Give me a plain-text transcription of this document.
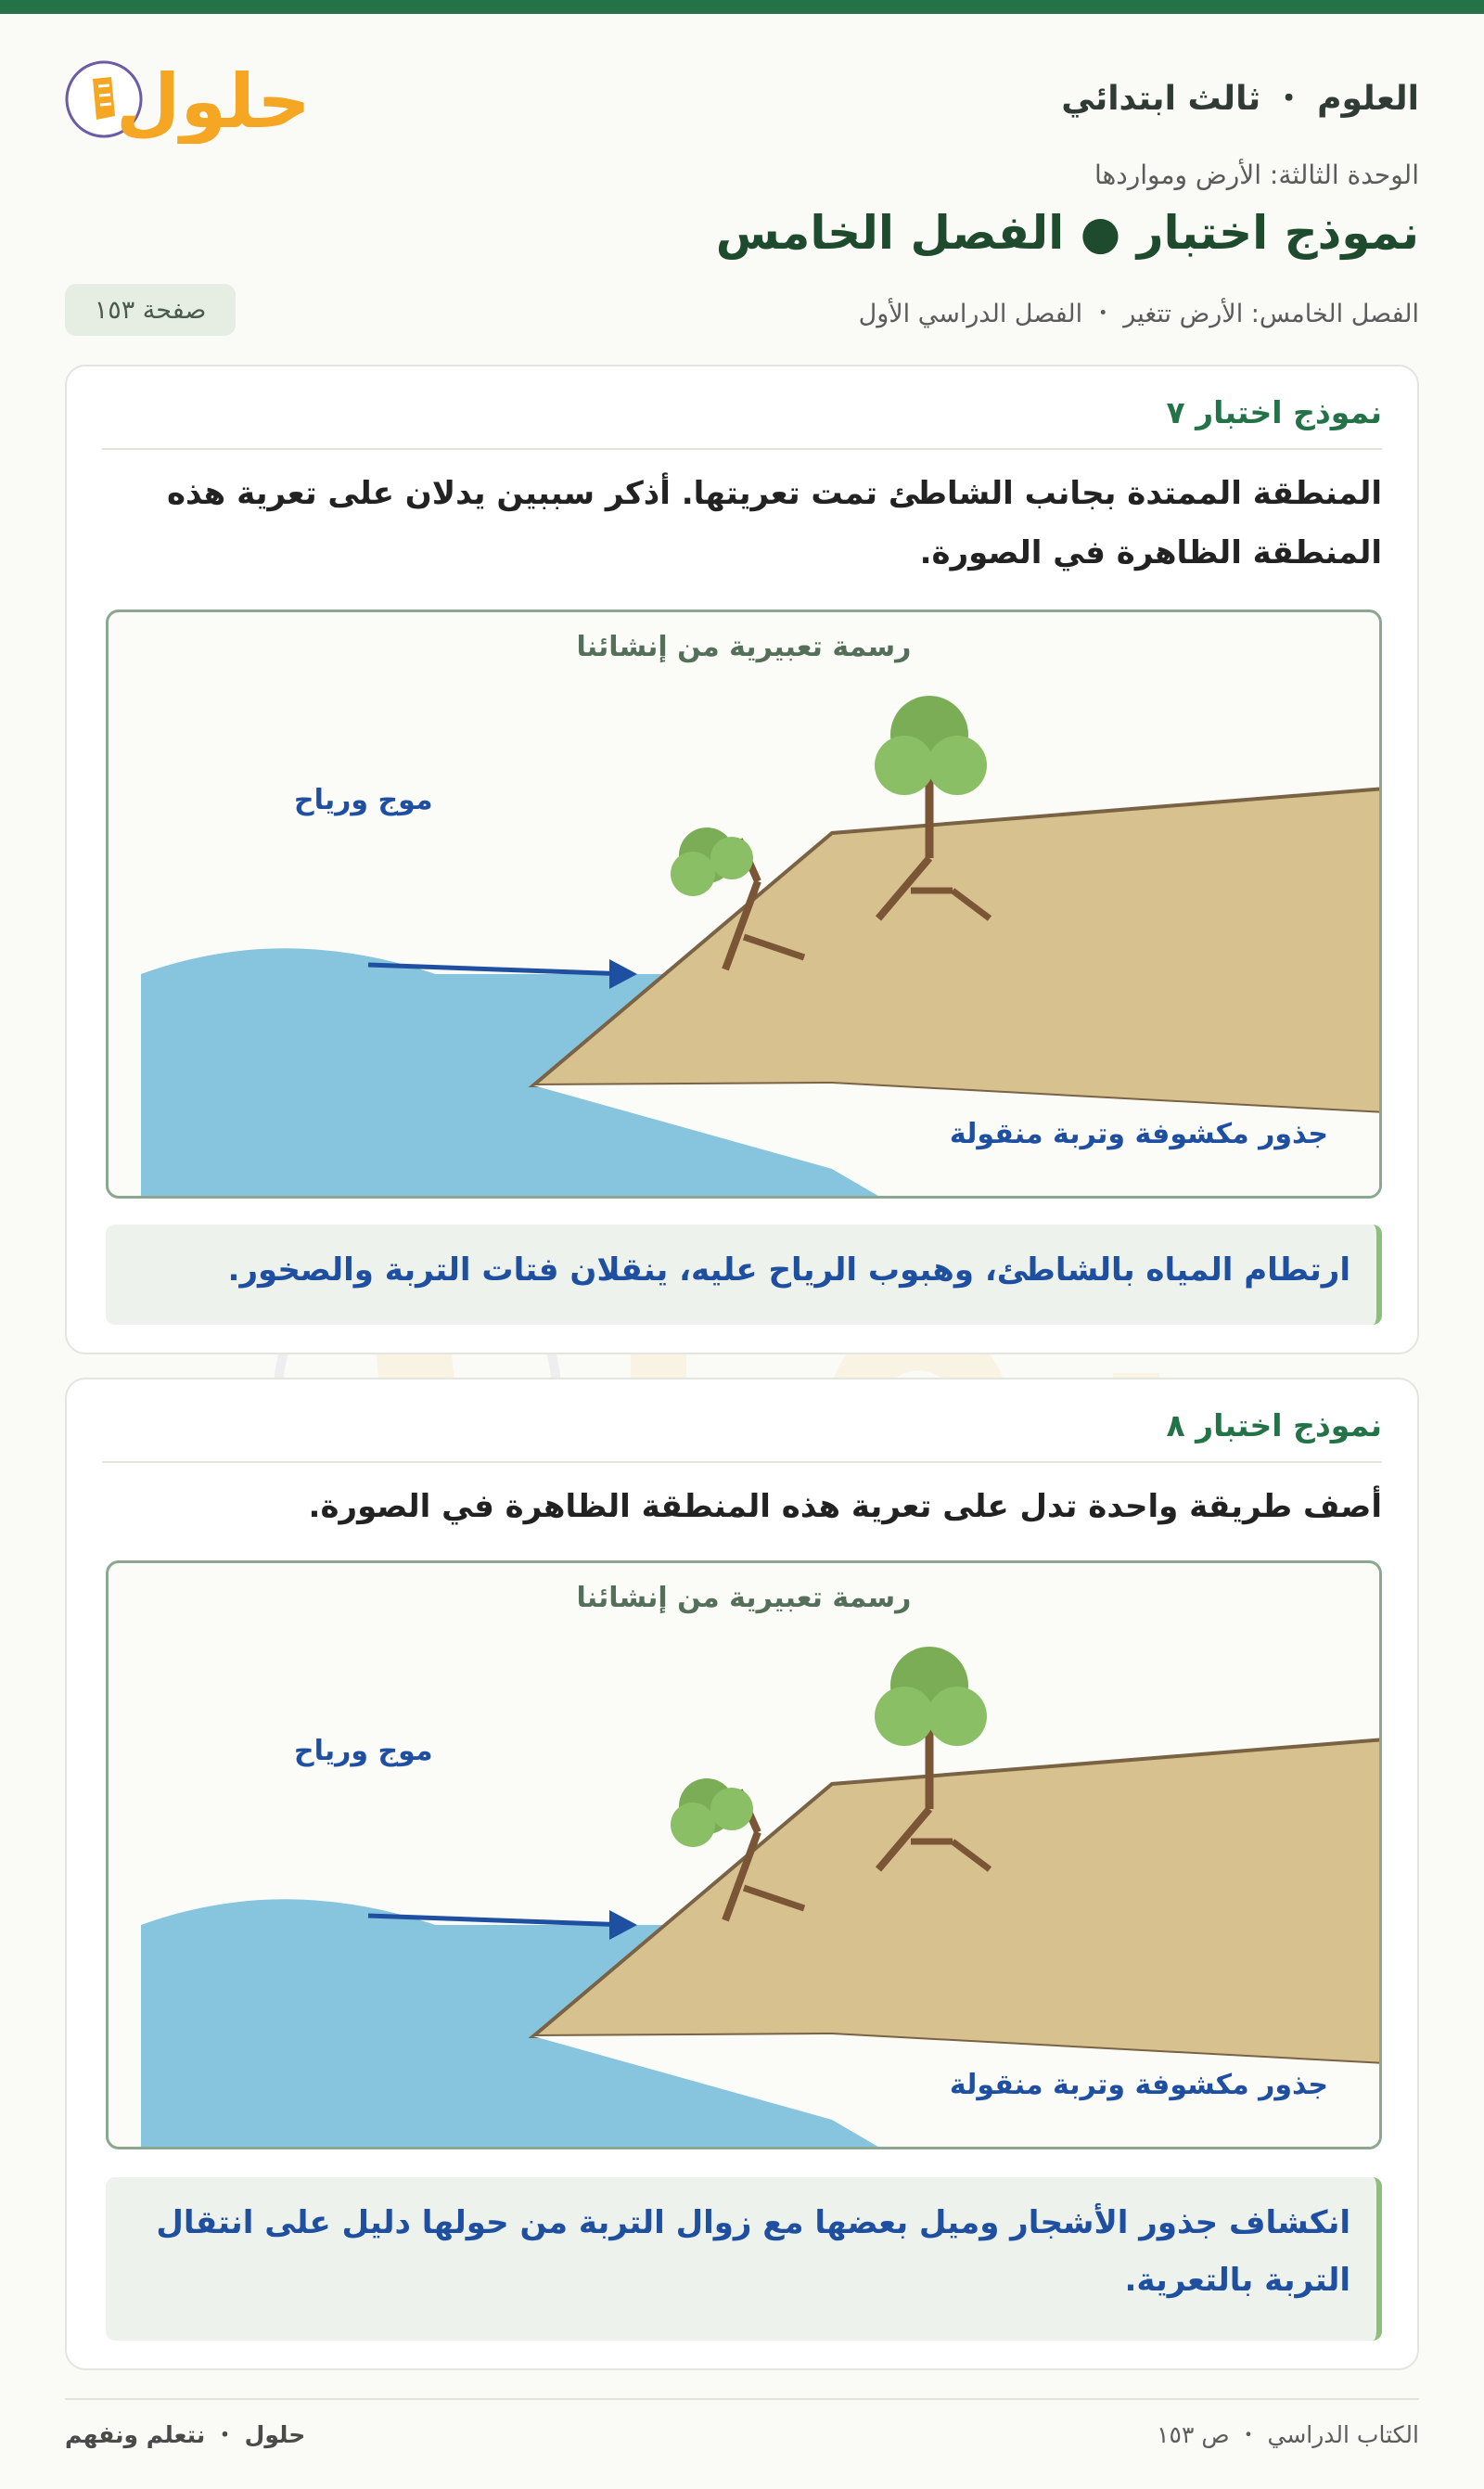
العلوم ・ ثالث ابتدائي
حلول
الوحدة الثالثة: الأرض ومواردها
نموذج اختبار ● الفصل الخامس
الفصل الخامس: الأرض تتغير ・ الفصل الدراسي الأول
صفحة ١٥٣
نموذج اختبار ٧
المنطقة الممتدة بجانب الشاطئ تمت تعريتها. أذكر سببين يدلان على تعرية هذه المنطقة الظاهرة في الصورة.
رسمة تعبيرية من إنشائنا
موج ورياح
جذور مكشوفة وتربة منقولة
ارتطام المياه بالشاطئ، وهبوب الرياح عليه، ينقلان فتات التربة والصخور.
نموذج اختبار ٨
أصف طريقة واحدة تدل على تعرية هذه المنطقة الظاهرة في الصورة.
رسمة تعبيرية من إنشائنا
موج ورياح
جذور مكشوفة وتربة منقولة
انكشاف جذور الأشجار وميل بعضها مع زوال التربة من حولها دليل على انتقال التربة بالتعرية.
الكتاب الدراسي ・ ص ١٥٣
حلول ・ نتعلم ونفهم
